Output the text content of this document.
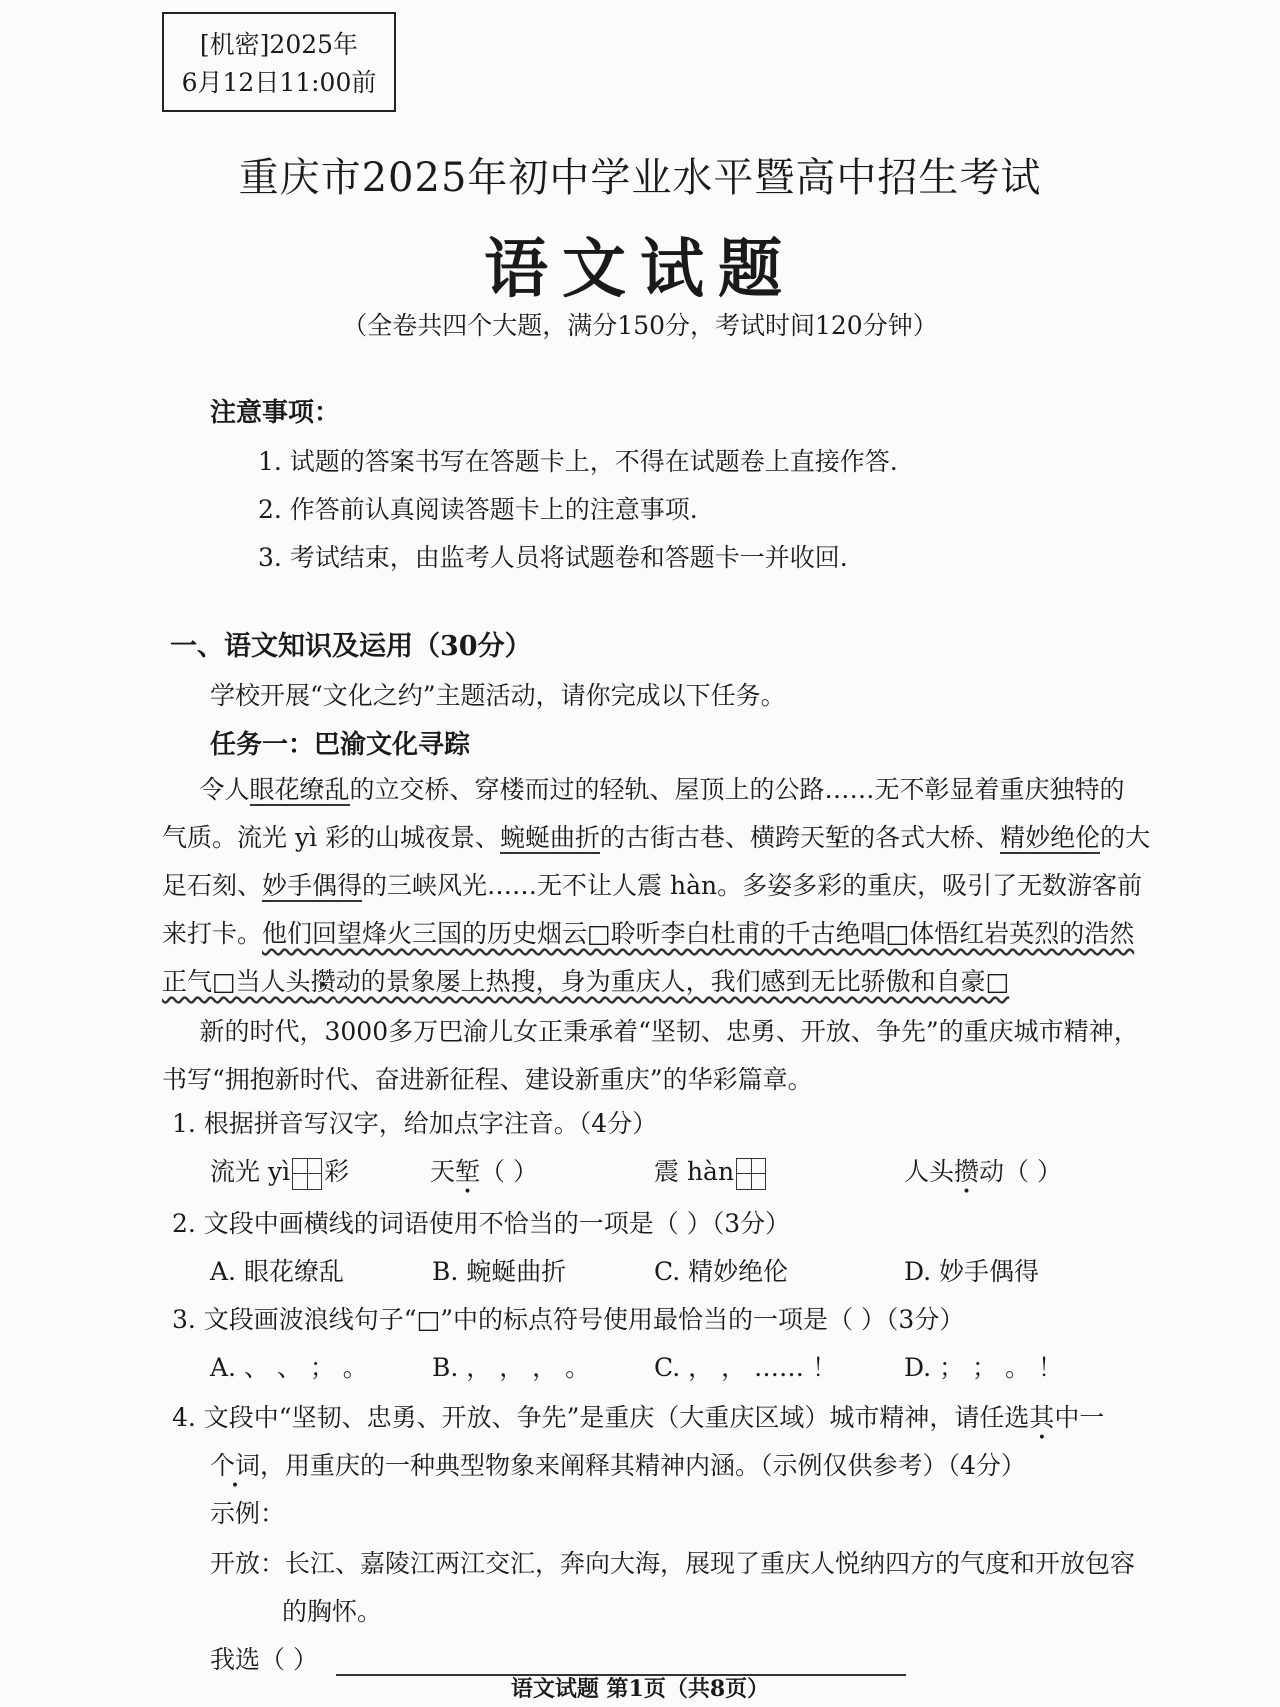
[机密]2025年
6月12日11:00前
重庆市2025年初中学业水平暨高中招生考试
语文试题
（全卷共四个大题，满分150分，考试时间120分钟）
注意事项：
1. 试题的答案书写在答题卡上，不得在试题卷上直接作答.
2. 作答前认真阅读答题卡上的注意事项.
3. 考试结束，由监考人员将试题卷和答题卡一并收回.
一、语文知识及运用（30分）
学校开展“文化之约”主题活动，请你完成以下任务。
任务一：巴渝文化寻踪
  令人眼花缭乱的立交桥、穿楼而过的轻轨、屋顶上的公路……无不彰显着重庆独特的
气质。流光 yì 彩的山城夜景、蜿蜒曲折的古街古巷、横跨天堑 •的各式大桥、精妙绝伦的大
足石刻、妙手偶得的三峡风光……无不让人震 hàn。多姿多彩的重庆，吸引了无数游客前
来打卡。他们回望烽火三国的历史烟云□聆听李白杜甫的千古绝唱□体悟红岩英烈的浩然
正气□当人头攒 •动的景象屡上热搜，身为重庆人，我们感到无比骄傲和自豪□
  新的时代，3000多万巴渝儿女正秉承着“坚韧、忠勇、开放、争先”的重庆城市精神，
书写“拥抱新时代、奋进新征程、建设新重庆”的华彩篇章。
1. 根据拼音写汉字，给加点字注音。（4分）
流光 yì 彩	天堑（ ）	震 hàn	人头攒动（ ）
2. 文段中画横线的词语使用不恰当的一项是（ ）（3分）
A. 眼花缭乱	B. 蜿蜒曲折	C. 精妙绝伦	D. 妙手偶得
3. 文段画波浪线句子“□”中的标点符号使用最恰当的一项是（ ）（3分）
A. 、 、 ； 。	B. ， ， ， 。	C. ， ， …… ！	D. ； ； 。 ！
4. 文段中“坚韧、忠勇、开放、争先”是重庆（大重庆区域）城市精神，请任选其中一 •
个词，用重庆的一种典型物象来阐释其精神内涵。（示例仅供参考）（4分）
示例：
开放：长江、嘉陵江两江交汇，奔向大海，展现了重庆人悦纳四方的气度和开放包容
的胸怀。
我选（ ）
语文试题 第1页（共8页）
